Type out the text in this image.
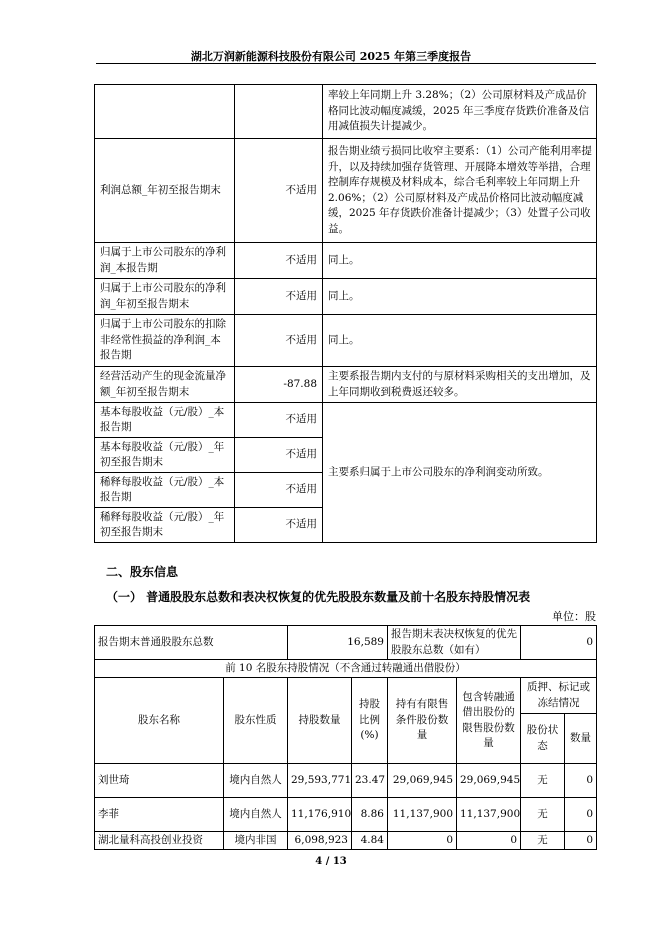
湖北万润新能源科技股份有限公司 2025 年第三季度报告
		率较上年同期上升 3.28%；（2）公司原材料及产成品价格同比波动幅度减缓，2025 年三季度存货跌价准备及信用减值损失计提减少。
利润总额_年初至报告期末	不适用	报告期业绩亏损同比收窄主要系：（1）公司产能利用率提升，以及持续加强存货管理、开展降本增效等举措，合理控制库存规模及材料成本，综合毛利率较上年同期上升 2.06%；（2）公司原材料及产成品价格同比波动幅度减缓，2025 年存货跌价准备计提减少；（3）处置子公司收益。
归属于上市公司股东的净利润_本报告期	不适用	同上。
归属于上市公司股东的净利润_年初至报告期末	不适用	同上。
归属于上市公司股东的扣除非经常性损益的净利润_本报告期	不适用	同上。
经营活动产生的现金流量净额_年初至报告期末	-87.88	主要系报告期内支付的与原材料采购相关的支出增加，及上年同期收到税费返还较多。
基本每股收益（元/股）_本报告期	不适用	主要系归属于上市公司股东的净利润变动所致。
基本每股收益（元/股）_年初至报告期末	不适用	
稀释每股收益（元/股）_本报告期	不适用	
稀释每股收益（元/股）_年初至报告期末	不适用	
二、股东信息
（一） 普通股股东总数和表决权恢复的优先股股东数量及前十名股东持股情况表
单位：股
报告期末普通股股东总数		16,589		报告期末表决权恢复的优先股股东总数（如有）		0	
前 10 名股东持股情况（不含通过转融通出借股份）							
股东名称	股东性质	持股数量	持股比例(%)	持有有限售条件股份数量	包含转融通借出股份的限售股份数量	质押、标记或冻结情况	
						股份状态	数量
刘世琦	境内自然人	29,593,771	23.47	29,069,945	29,069,945	无	0
李菲	境内自然人	11,176,910	8.86	11,137,900	11,137,900	无	0
湖北量科高投创业投资	境内非国	6,098,923	4.84	0	0	无	0
4 / 13
